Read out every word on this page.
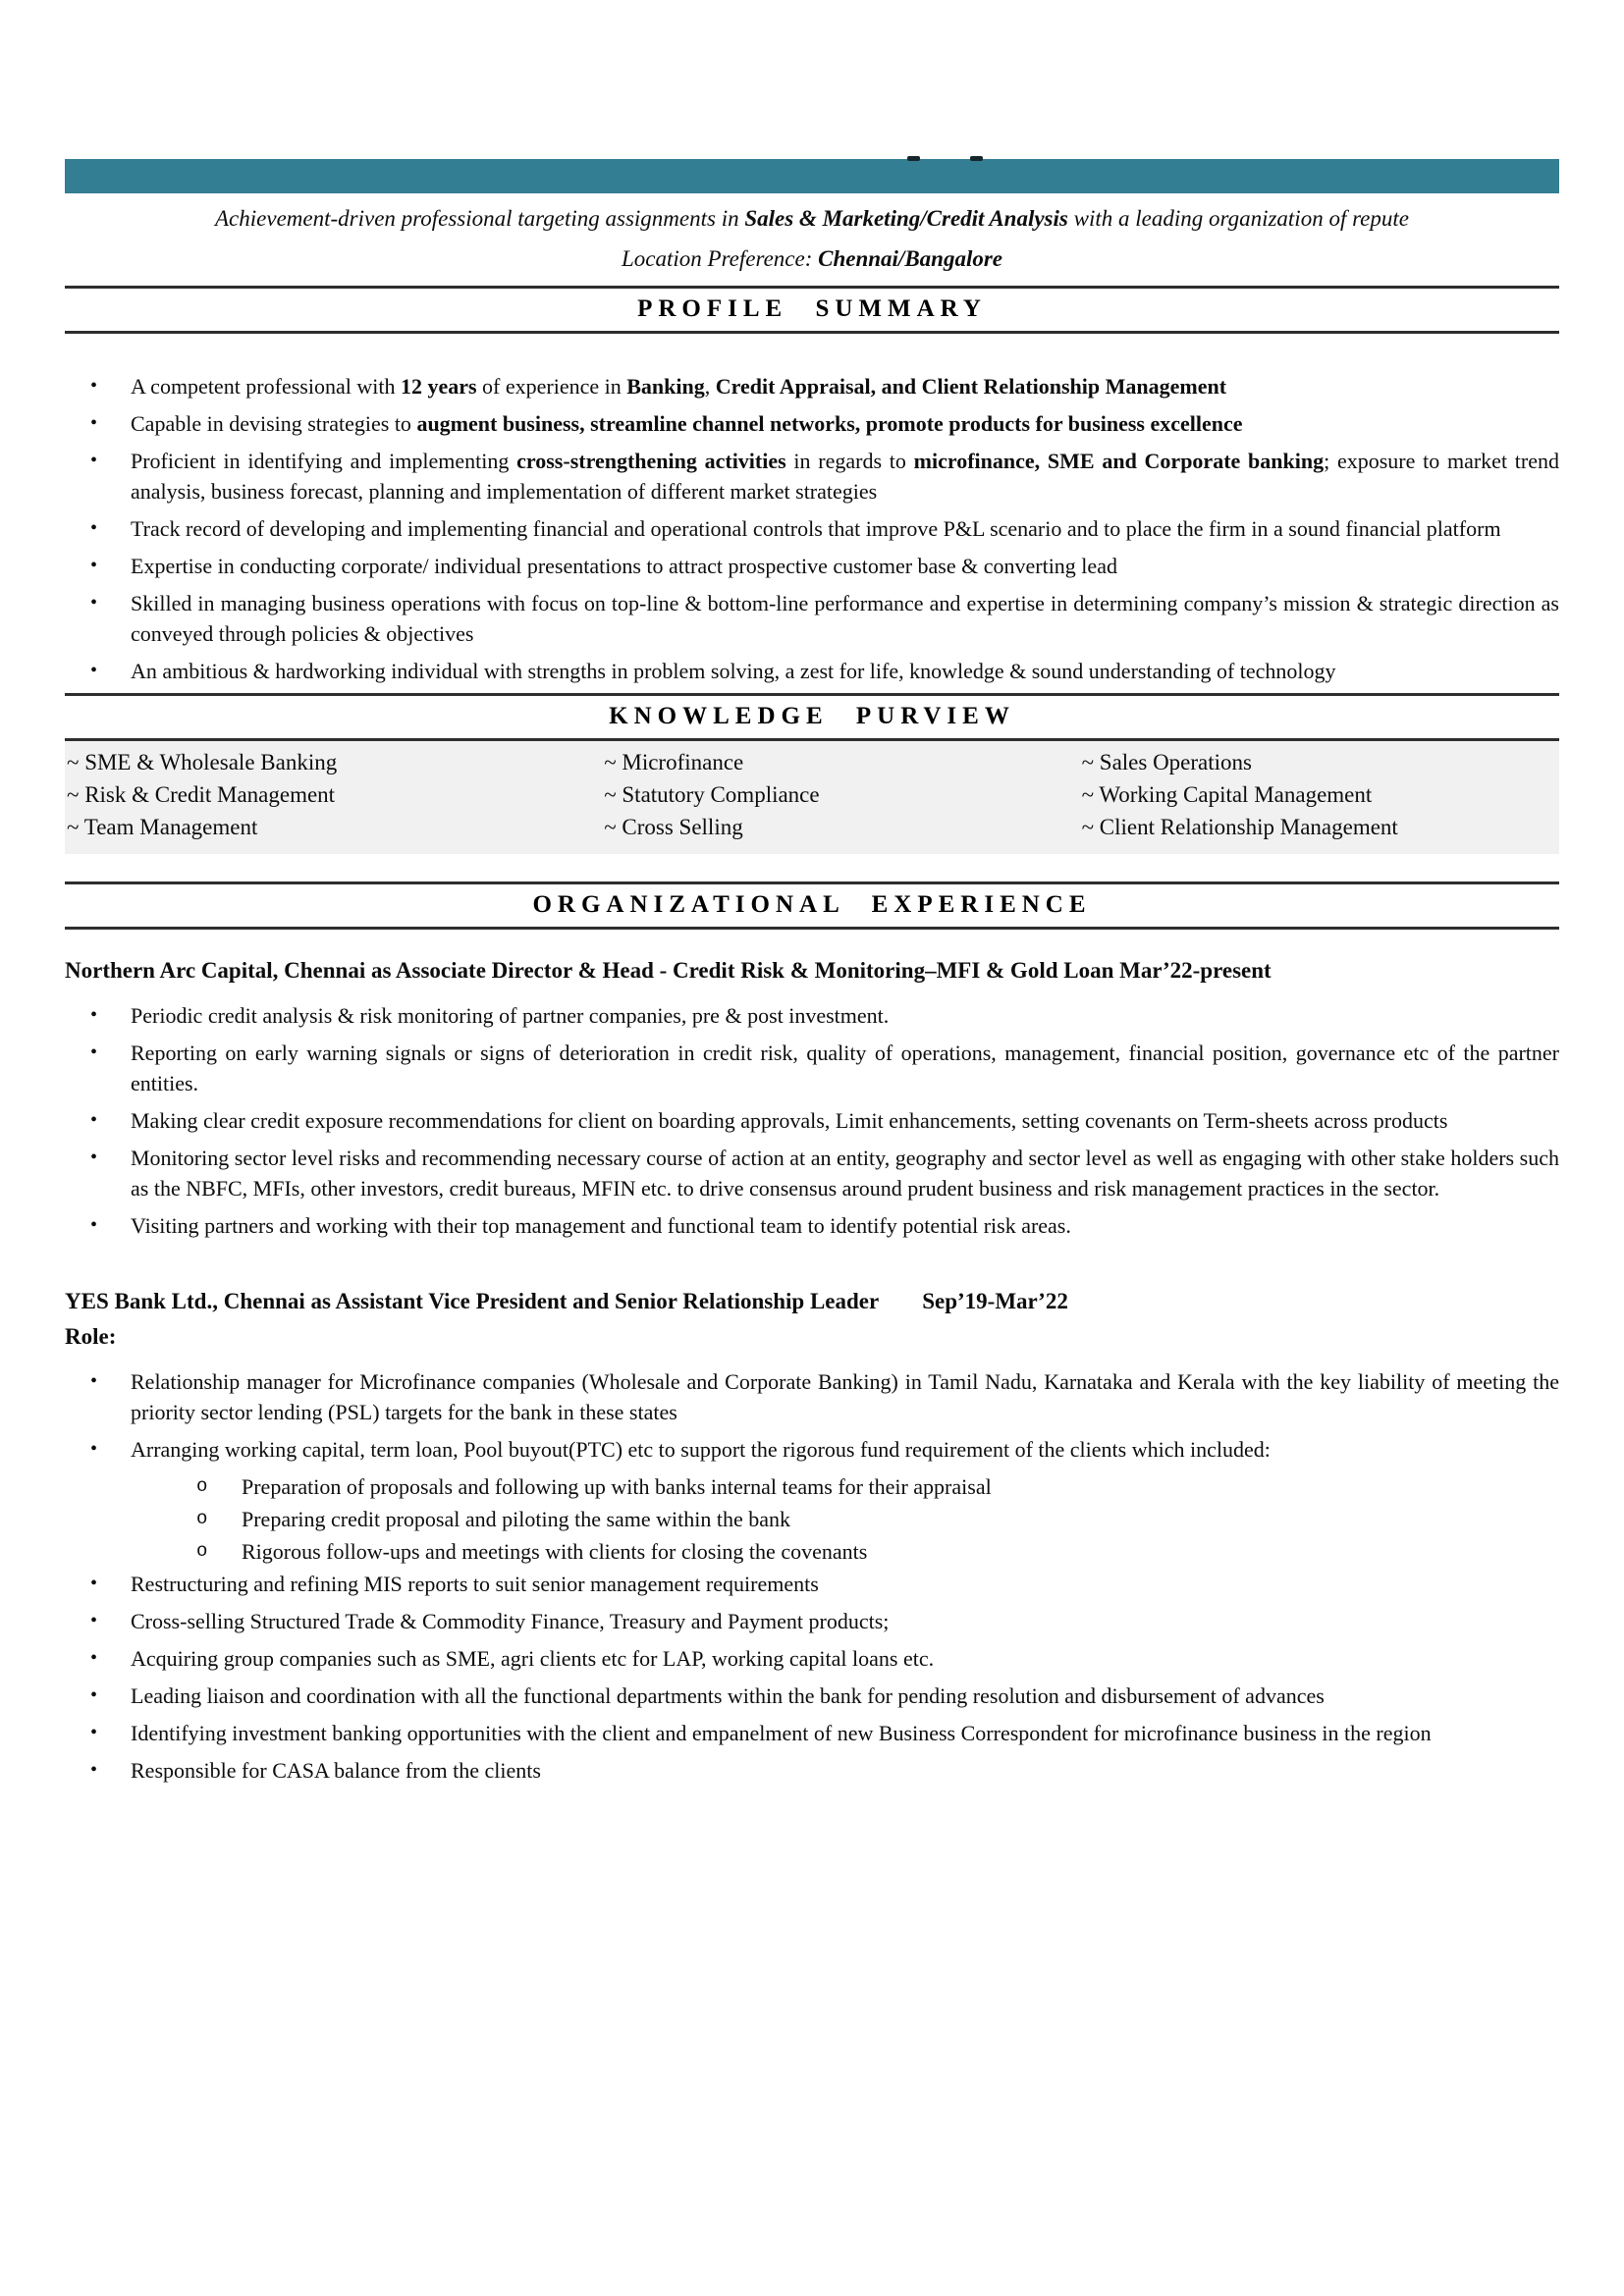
Achievement-driven professional targeting assignments in Sales & Marketing/Credit Analysis with a leading organization of repute

Location Preference: Chennai/Bangalore

PROFILE SUMMARY
•	A competent professional with 12 years of experience in Banking, Credit Appraisal, and Client Relationship Management

•	Capable in devising strategies to augment business, streamline channel networks, promote products for business excellence

•	Proficient in identifying and implementing cross-strengthening activities in regards to microfinance, SME and Corporate banking; exposure to market trend analysis, business forecast, planning and implementation of different market strategies

•	Track record of developing and implementing financial and operational controls that improve P&L scenario and to place the firm in a sound financial platform

•	Expertise in conducting corporate/ individual presentations to attract prospective customer base & converting lead

•	Skilled in managing business operations with focus on top-line & bottom-line performance and expertise in determining company’s mission & strategic direction as conveyed through policies & objectives

•	An ambitious & hardworking individual with strengths in problem solving, a zest for life, knowledge & sound understanding of technology

KNOWLEDGE PURVIEW
~ SME & Wholesale Banking	~ Microfinance	~ Sales Operations
~ Risk & Credit Management	~ Statutory Compliance	~ Working Capital Management
~ Team Management	~ Cross Selling	~ Client Relationship Management
ORGANIZATIONAL EXPERIENCE
Northern Arc Capital, Chennai as Associate Director & Head - Credit Risk & Monitoring–MFI & Gold Loan Mar’22-present
•	Periodic credit analysis & risk monitoring of partner companies, pre & post investment.

•	Reporting on early warning signals or signs of deterioration in credit risk, quality of operations, management, financial position, governance etc of the partner entities.

•	Making clear credit exposure recommendations for client on boarding approvals, Limit enhancements, setting covenants on Term-sheets across products

•	Monitoring sector level risks and recommending necessary course of action at an entity, geography and sector level as well as engaging with other stake holders such as the NBFC, MFIs, other investors, credit bureaus, MFIN etc. to drive consensus around prudent business and risk management practices in the sector.

•	Visiting partners and working with their top management and functional team to identify potential risk areas.

YES Bank Ltd., Chennai as Assistant Vice President and Senior Relationship Leader Sep’19-Mar’22

Role:

•	Relationship manager for Microfinance companies (Wholesale and Corporate Banking) in Tamil Nadu, Karnataka and Kerala with the key liability of meeting the priority sector lending (PSL) targets for the bank in these states

•	Arranging working capital, term loan, Pool buyout(PTC) etc to support the rigorous fund requirement of the clients which included:

o	Preparation of proposals and following up with banks internal teams for their appraisal

o	Preparing credit proposal and piloting the same within the bank

o	Rigorous follow-ups and meetings with clients for closing the covenants

•	Restructuring and refining MIS reports to suit senior management requirements

•	Cross-selling Structured Trade & Commodity Finance, Treasury and Payment products;

•	Acquiring group companies such as SME, agri clients etc for LAP, working capital loans etc.

•	Leading liaison and coordination with all the functional departments within the bank for pending resolution and disbursement of advances

•	Identifying investment banking opportunities with the client and empanelment of new Business Correspondent for microfinance business in the region

•	Responsible for CASA balance from the clients
